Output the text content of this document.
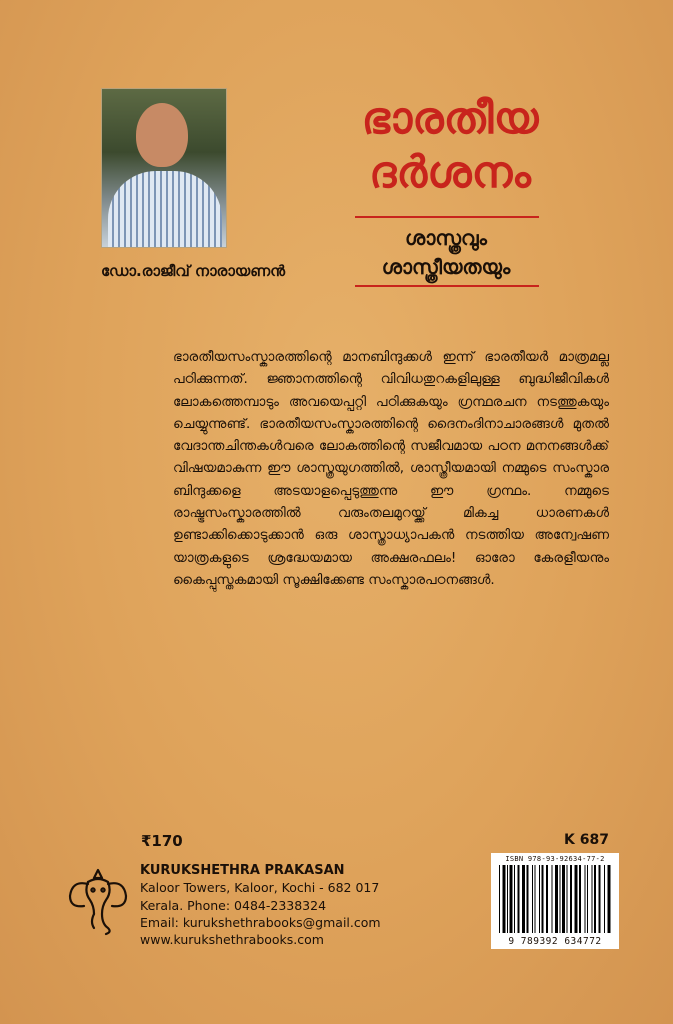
ഡോ.രാജീവ് നാരായണൻ
ഭാരതീയ
ദർശനം
ശാസ്ത്രവും
ശാസ്ത്രീയതയും

ഭാരതീയസംസ്കാരത്തിന്റെ മാനബിന്ദുക്കൾ ഇന്ന് ഭാരതീയർ മാത്രമല്ല പഠിക്കുന്നത്. ജ്ഞാനത്തിന്റെ വിവിധതുറകളിലുള്ള ബുദ്ധിജീവികൾ ലോകത്തെമ്പാടും അവയെപ്പറ്റി പഠിക്കുകയും ഗ്രന്ഥരചന നടത്തുകയും ചെയ്യുന്നുണ്ട്. ഭാരതീയസംസ്കാരത്തിന്റെ ദൈനംദിനാചാരങ്ങൾ മുതൽ വേദാന്തചിന്തകൾവരെ ലോകത്തിന്റെ സജീവമായ പഠന മനനങ്ങൾക്ക് വിഷയമാകുന്ന ഈ ശാസ്ത്രയുഗത്തിൽ, ശാസ്ത്രീയമായി നമ്മുടെ സംസ്കാര ബിന്ദുക്കളെ അടയാളപ്പെടുത്തുന്നു ഈ ഗ്രന്ഥം. നമ്മുടെ രാഷ്ട്രസംസ്കാരത്തിൽ വരുംതലമുറയ്ക്ക് മികച്ച ധാരണകൾ ഉണ്ടാക്കിക്കൊടുക്കാൻ ഒരു ശാസ്ത്രാധ്യാപകൻ നടത്തിയ അന്വേഷണ യാത്രകളുടെ ശ്രദ്ധേയമായ അക്ഷരഫലം! ഓരോ കേരളീയനും കൈപ്പുസ്തകമായി സൂക്ഷിക്കേണ്ട സംസ്കാരപഠനങ്ങൾ.

₹170	K 687
KURUKSHETHRA PRAKASAN
Kaloor Towers, Kaloor, Kochi - 682 017
Kerala. Phone: 0484-2338324
Email: kurukshethrabooks@gmail.com
www.kurukshethrabooks.com
ISBN 978-93-92634-77-2
9 789392 634772
